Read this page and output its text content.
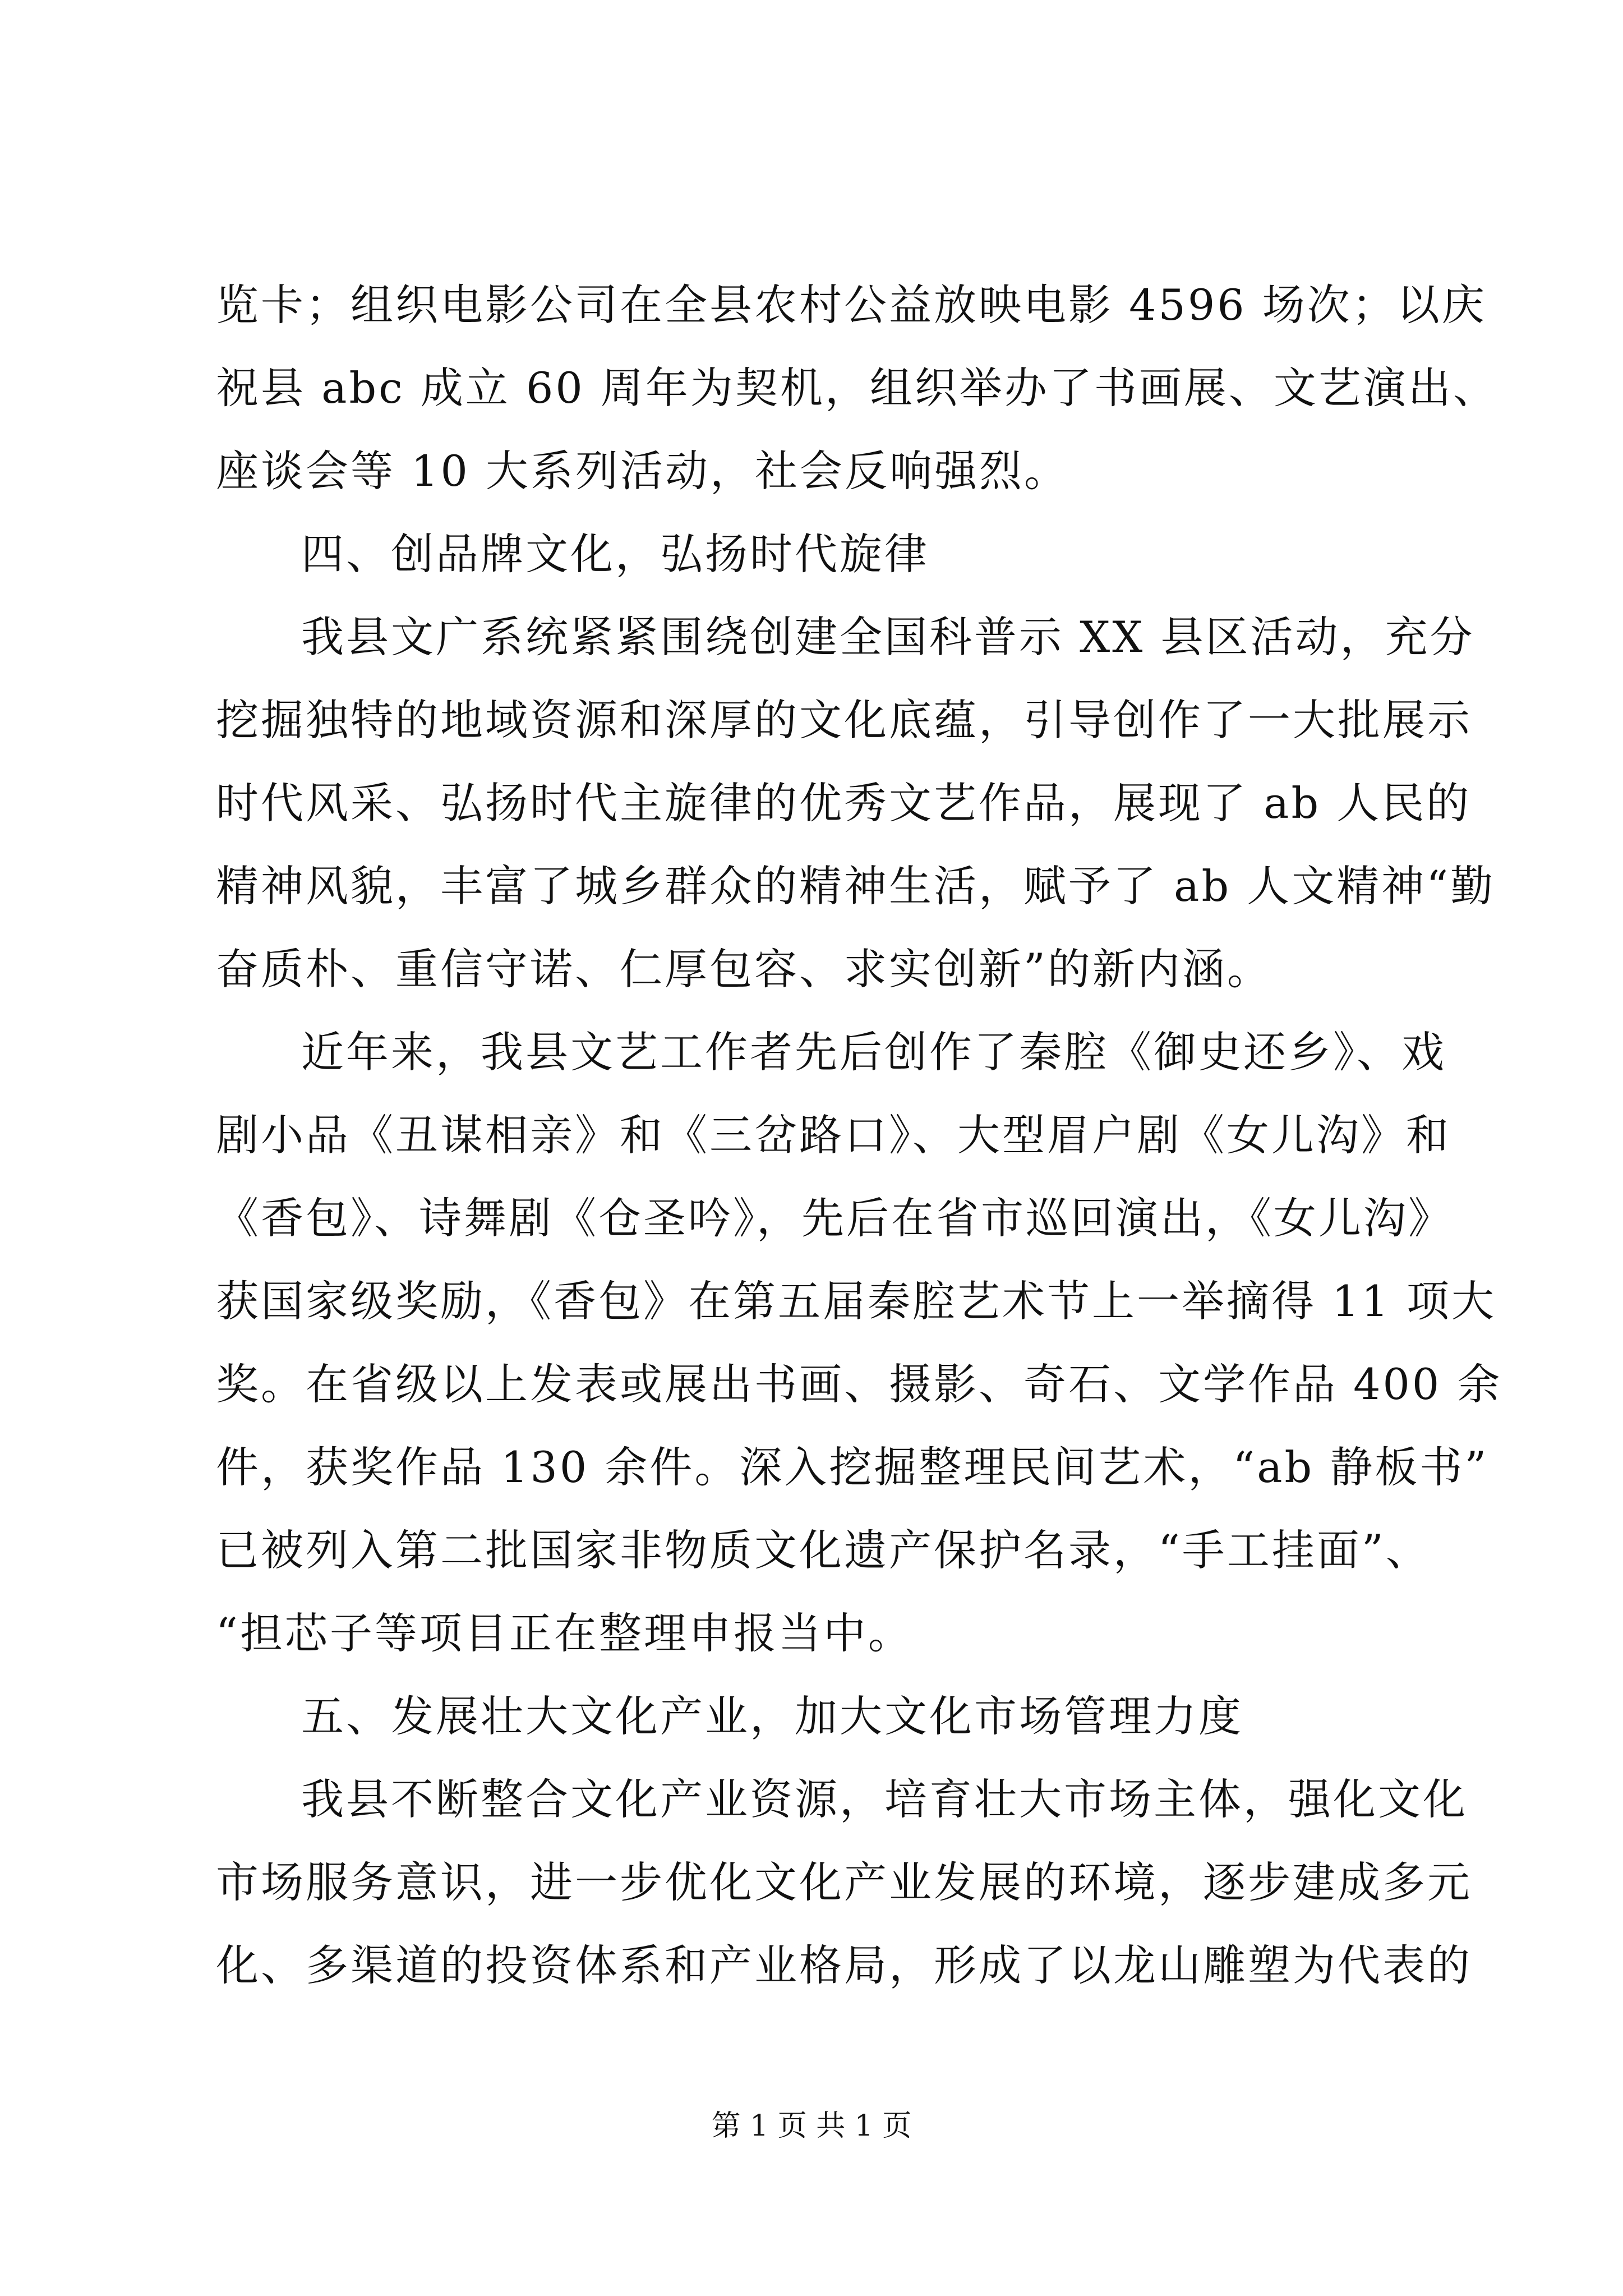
览卡；组织电影公司在全县农村公益放映电影 4596 场次；以庆
祝县 abc 成立 60 周年为契机，组织举办了书画展、文艺演出、
座谈会等 10 大系列活动，社会反响强烈。
四、创品牌文化，弘扬时代旋律
我县文广系统紧紧围绕创建全国科普示 XX 县区活动，充分
挖掘独特的地域资源和深厚的文化底蕴，引导创作了一大批展示
时代风采、弘扬时代主旋律的优秀文艺作品，展现了 ab 人民的
精神风貌，丰富了城乡群众的精神生活，赋予了 ab 人文精神“勤
奋质朴、重信守诺、仁厚包容、求实创新”的新内涵。
近年来，我县文艺工作者先后创作了秦腔《御史还乡》、戏
剧小品《丑谋相亲》和《三岔路口》、大型眉户剧《女儿沟》和
《香包》、诗舞剧《仓圣吟》，先后在省市巡回演出，《女儿沟》
获国家级奖励，《香包》在第五届秦腔艺术节上一举摘得 11 项大
奖。在省级以上发表或展出书画、摄影、奇石、文学作品 400 余
件，获奖作品 130 余件。深入挖掘整理民间艺术，“ab 静板书”
已被列入第二批国家非物质文化遗产保护名录，“手工挂面”、
“担芯子等项目正在整理申报当中。
五、发展壮大文化产业，加大文化市场管理力度
我县不断整合文化产业资源，培育壮大市场主体，强化文化
市场服务意识，进一步优化文化产业发展的环境，逐步建成多元
化、多渠道的投资体系和产业格局，形成了以龙山雕塑为代表的
第 1 页 共 1 页
